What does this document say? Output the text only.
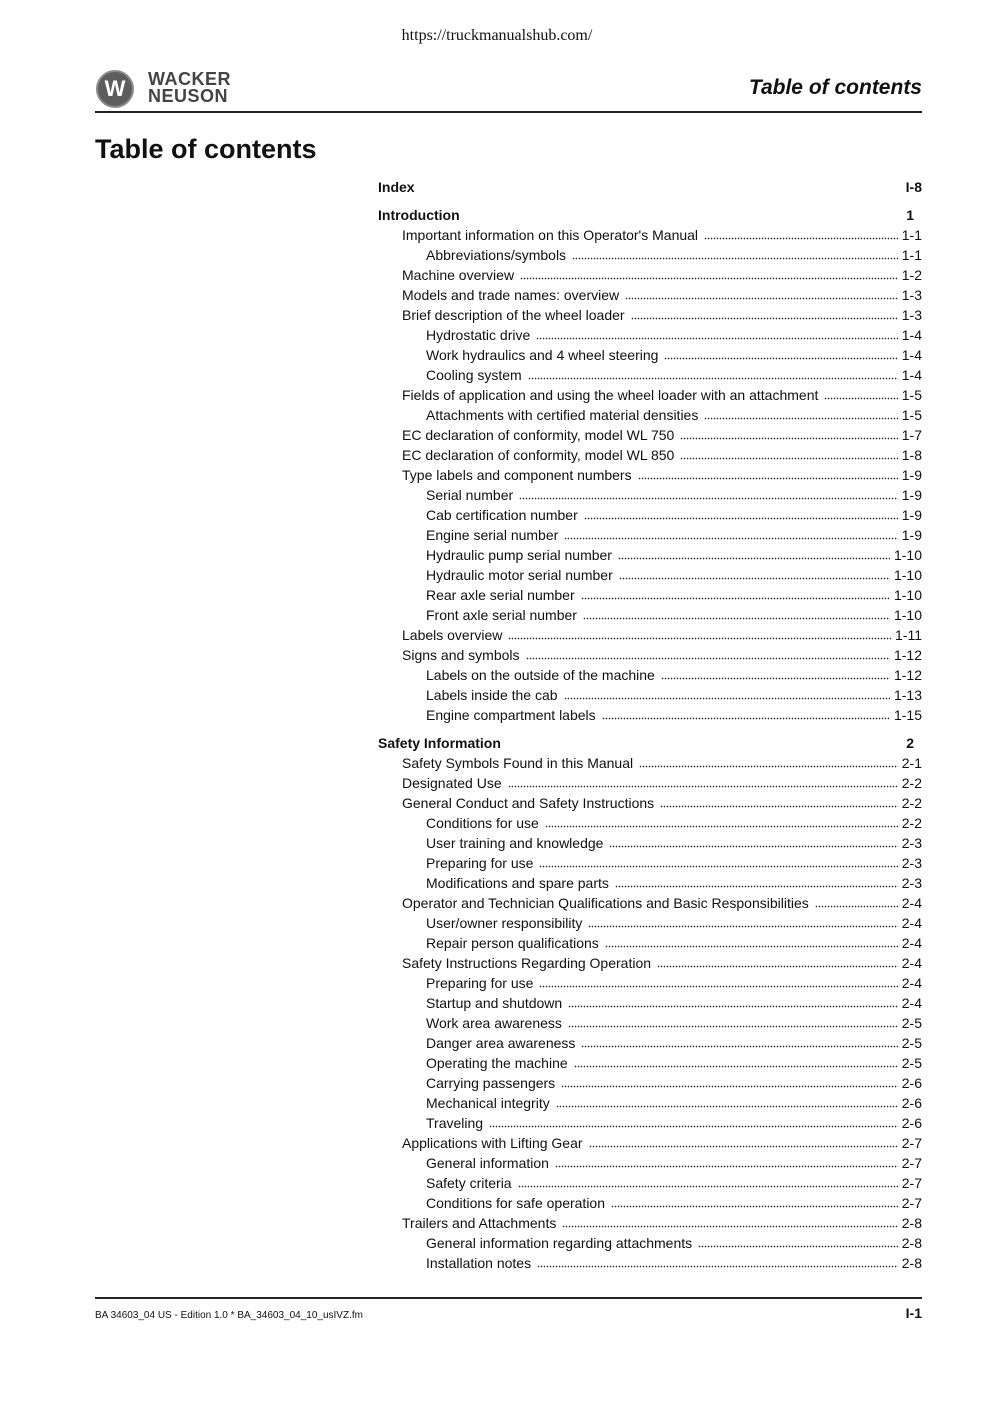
https://truckmanualshub.com/
W	WACKER
NEUSON	Table of contents
Table of contents
Index	I-8
Introduction	1
Important information on this Operator's Manual	1-1
Abbreviations/symbols	1-1
Machine overview	1-2
Models and trade names: overview	1-3
Brief description of the wheel loader	1-3
Hydrostatic drive	1-4
Work hydraulics and 4 wheel steering	1-4
Cooling system	1-4
Fields of application and using the wheel loader with an attachment	1-5
Attachments with certified material densities	1-5
EC declaration of conformity, model WL 750	1-7
EC declaration of conformity, model WL 850	1-8
Type labels and component numbers	1-9
Serial number	1-9
Cab certification number	1-9
Engine serial number	1-9
Hydraulic pump serial number	1-10
Hydraulic motor serial number	1-10
Rear axle serial number	1-10
Front axle serial number	1-10
Labels overview	1-11
Signs and symbols	1-12
Labels on the outside of the machine	1-12
Labels inside the cab	1-13
Engine compartment labels	1-15
Safety Information	2
Safety Symbols Found in this Manual	2-1
Designated Use	2-2
General Conduct and Safety Instructions	2-2
Conditions for use	2-2
User training and knowledge	2-3
Preparing for use	2-3
Modifications and spare parts	2-3
Operator and Technician Qualifications and Basic Responsibilities	2-4
User/owner responsibility	2-4
Repair person qualifications	2-4
Safety Instructions Regarding Operation	2-4
Preparing for use	2-4
Startup and shutdown	2-4
Work area awareness	2-5
Danger area awareness	2-5
Operating the machine	2-5
Carrying passengers	2-6
Mechanical integrity	2-6
Traveling	2-6
Applications with Lifting Gear	2-7
General information	2-7
Safety criteria	2-7
Conditions for safe operation	2-7
Trailers and Attachments	2-8
General information regarding attachments	2-8
Installation notes	2-8
BA 34603_04 US - Edition 1.0 * BA_34603_04_10_usIVZ.fm	I-1
